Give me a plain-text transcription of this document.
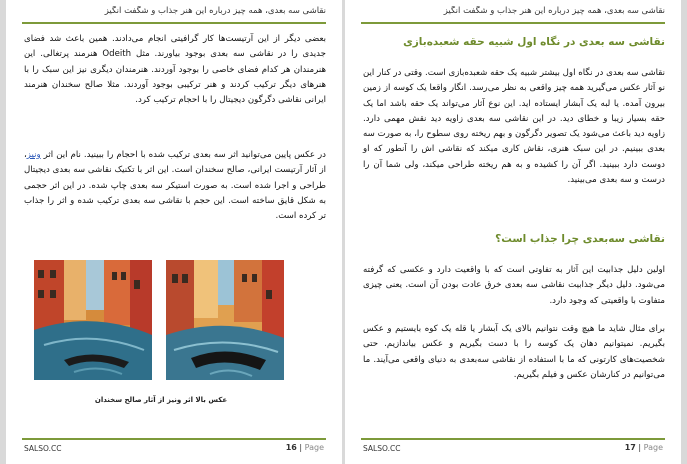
نقاشی سه بعدی، همه چیز درباره این هنر جذاب و شگفت انگیز

بعضی دیگر از این آرتیست‌ها کار گرافیتی انجام می‌دادند. همین باعث شد فضای جدیدی را در نقاشی سه بعدی بوجود بیاورند. مثل Odeith هنرمند پرتغالی. این هنرمندان هر کدام فضای خاصی را بوجود آوردند. هنرمندان دیگری نیز این سبک را با هنرهای دیگر ترکیب کردند و هنر ترکیبی بوجود آوردند. مثلا صالح سخندان هنرمند ایرانی نقاشی دگرگون دیجیتال را با احجام ترکیب کرد.

در عکس پایین می‌توانید اثر سه بعدی ترکیب شده با احجام را ببینید. نام این اثر ونیز، از آثار آرتیست ایرانی، صالح سخندان است. این اثر با تکنیک نقاشی سه بعدی دیجیتال طراحی و اجرا شده است. به صورت استیکر سه بعدی چاپ شده. در این اثر حجمی به شکل قایق ساخته است. این حجم با نقاشی سه بعدی ترکیب شده و اثر را جذاب تر کرده است.

عکس بالا اثر ونیز از آثار صالح سخندان
SALSO.CC	16 | Page
نقاشی سه بعدی، همه چیز درباره این هنر جذاب و شگفت انگیز
نقاشی سه بعدی در نگاه اول شبیه حقه شعبده‌بازی

نقاشی سه بعدی در نگاه اول بیشتر شبیه یک حقه شعبده‌بازی است. وقتی در کنار این نو آثار عکس می‌گیرید همه چیز واقعی به نظر می‌رسد. انگار واقعا یک کوسه از زمین بیرون آمده. یا لبه یک آبشار ایستاده اید. این نوع آثار می‌تواند یک حقه باشد اما یک حقه بسیار زیبا و خطای دید. در این نقاشی سه بعدی زاویه دید نقش مهمی دارد. زاویه دید باعث می‌شود یک تصویر دگرگون و بهم ریخته روی سطوح را، به صورت سه بعدی ببینیم. در این سبک هنری، نقاش کاری میکند که نقاشی اش را آنطور که او دوست دارد ببینید. اگر آن را کشیده و به هم ریخته طراحی میکند، ولی شما آن را درست و سه بعدی می‌بینید.

نقاشی سه‌بعدی چرا جذاب است؟

اولین دلیل جذابیت این آثار به تفاوتی است که با واقعیت دارد و عکسی که گرفته می‌شود. دلیل دیگر جذابیت نقاشی سه بعدی خرق عادت بودن آن است. یعنی چیزی متفاوت با واقعیتی که وجود دارد.

برای مثال شاید ما هیچ وقت نتوانیم بالای یک آبشار یا قله یک کوه بایستیم و عکس بگیریم. نمیتوانیم دهان یک کوسه را با دست بگیریم و عکس بیاندازیم. حتی شخصیت‌های کارتونی که ما با استفاده از نقاشی سه‌بعدی به دنیای واقعی می‌آیند. ما می‌توانیم در کنارشان عکس و فیلم بگیریم.

SALSO.CC	17 | Page
